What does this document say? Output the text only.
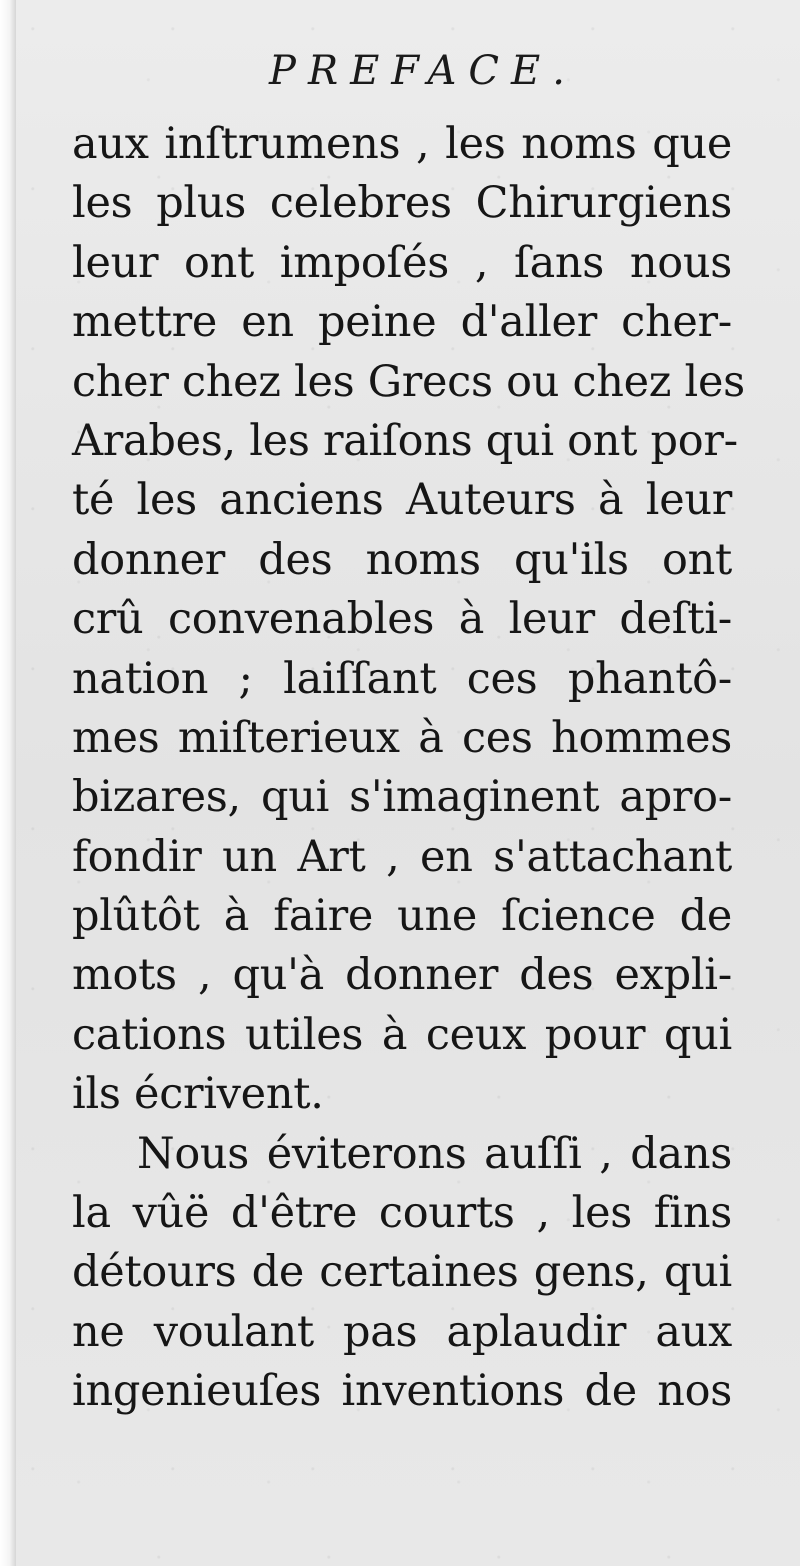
PREFACE.
aux inſtrumens , les noms que
les plus celebres Chirurgiens
leur ont impoſés , ſans nous
mettre en peine d'aller cher-
cher chez les Grecs ou chez les
Arabes, les raiſons qui ont por-
té les anciens Auteurs à leur
donner des noms qu'ils ont
crû convenables à leur deſti-
nation ; laiſſant ces phantô-
mes miſterieux à ces hommes
bizares, qui s'imaginent apro-
fondir un Art , en s'attachant
plûtôt à faire une ſcience de
mots , qu'à donner des expli-
cations utiles à ceux pour qui
ils écrivent.
Nous éviterons auſſi , dans
la vûë d'être courts , les fins
détours de certaines gens, qui
ne voulant pas aplaudir aux
ingenieuſes inventions de nos
